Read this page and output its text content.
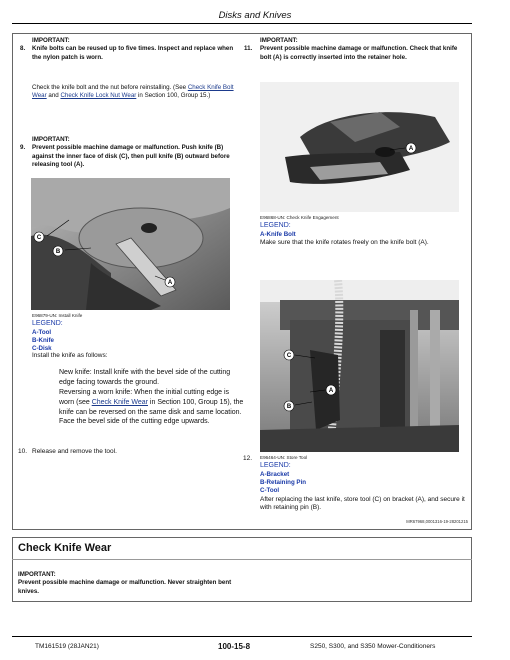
Disks and Knives
IMPORTANT:
8. Knife bolts can be reused up to five times. Inspect and replace when the nylon patch is worn.
Check the knife bolt and the nut before reinstalling. (See Check Knife Bolt Wear and Check Knife Lock Nut Wear in Section 100, Group 15.)
IMPORTANT:
9. Prevent possible machine damage or malfunction. Push knife (B) against the inner face of disk (C), then pull knife (B) outward before releasing tool (A).
C
B
A
E96879-UN: Install Knife
LEGEND:
A-Tool
B-Knife
C-Disk
Install the knife as follows:
New knife: Install knife with the bevel side of the cutting edge facing towards the ground.
Reversing a worn knife: When the initial cutting edge is worn (see Check Knife Wear in Section 100, Group 15), the knife can be reversed on the same disk and same location. Face the bevel side of the cutting edge upwards.
10. Release and remove the tool.
IMPORTANT:
11. Prevent possible machine damage or malfunction. Check that knife bolt (A) is correctly inserted into the retainer hole.
A
E96868-UN: Check Knife Engagement
LEGEND:
A-Knife Bolt
Make sure that the knife rotates freely on the knife bolt (A).
C
A
B
12. E96464-UN: Store Tool
LEGEND:
A-Bracket
B-Retaining Pin
C-Tool
After replacing the last knife, store tool (C) on bracket (A), and secure it with retaining pin (B).
MR67968,0001316-19-28201215
Check Knife Wear
IMPORTANT:
Prevent possible machine damage or malfunction. Never straighten bent knives.
TM161519 (28JAN21)	100-15-8	S250, S300, and S350 Mower-Conditioners
